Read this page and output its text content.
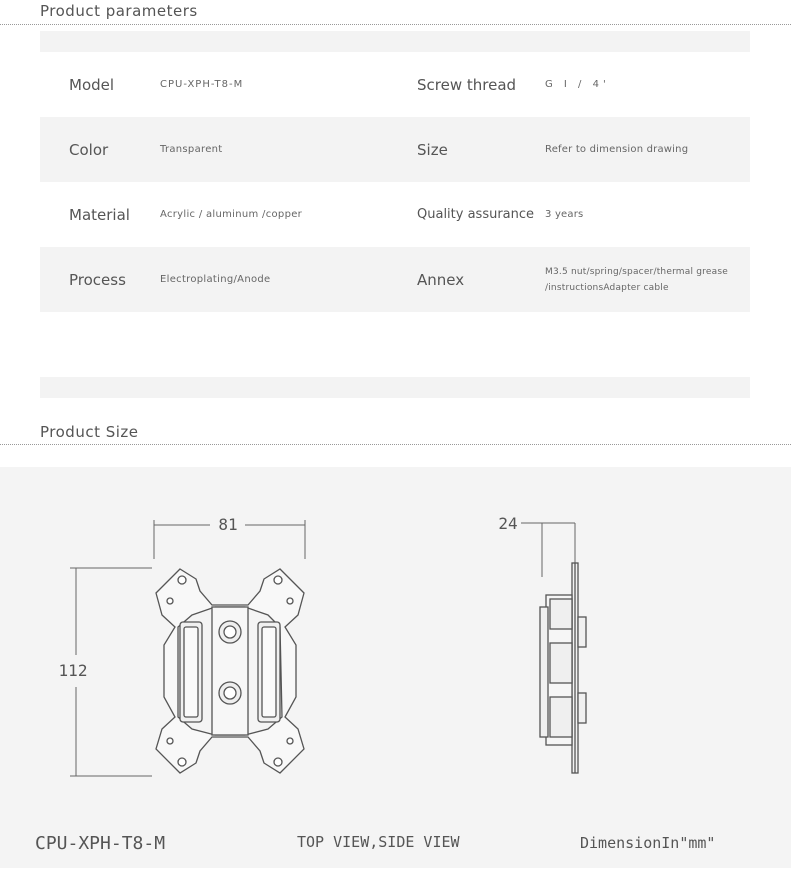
Product parameters
Model	CPU-XPH-T8-M	Screw thread	G I / 4'
Color	Transparent	Size	Refer to dimension drawing
Material	Acrylic / aluminum /copper	Quality assurance 3 years
Process	Electroplating/Anode	Annex	M3.5 nut/spring/spacer/thermal grease /instructionsAdapter cable
Product Size
81
112
24
CPU-XPH-T8-M	TOP VIEW,SIDE VIEW	DimensionIn"mm"
